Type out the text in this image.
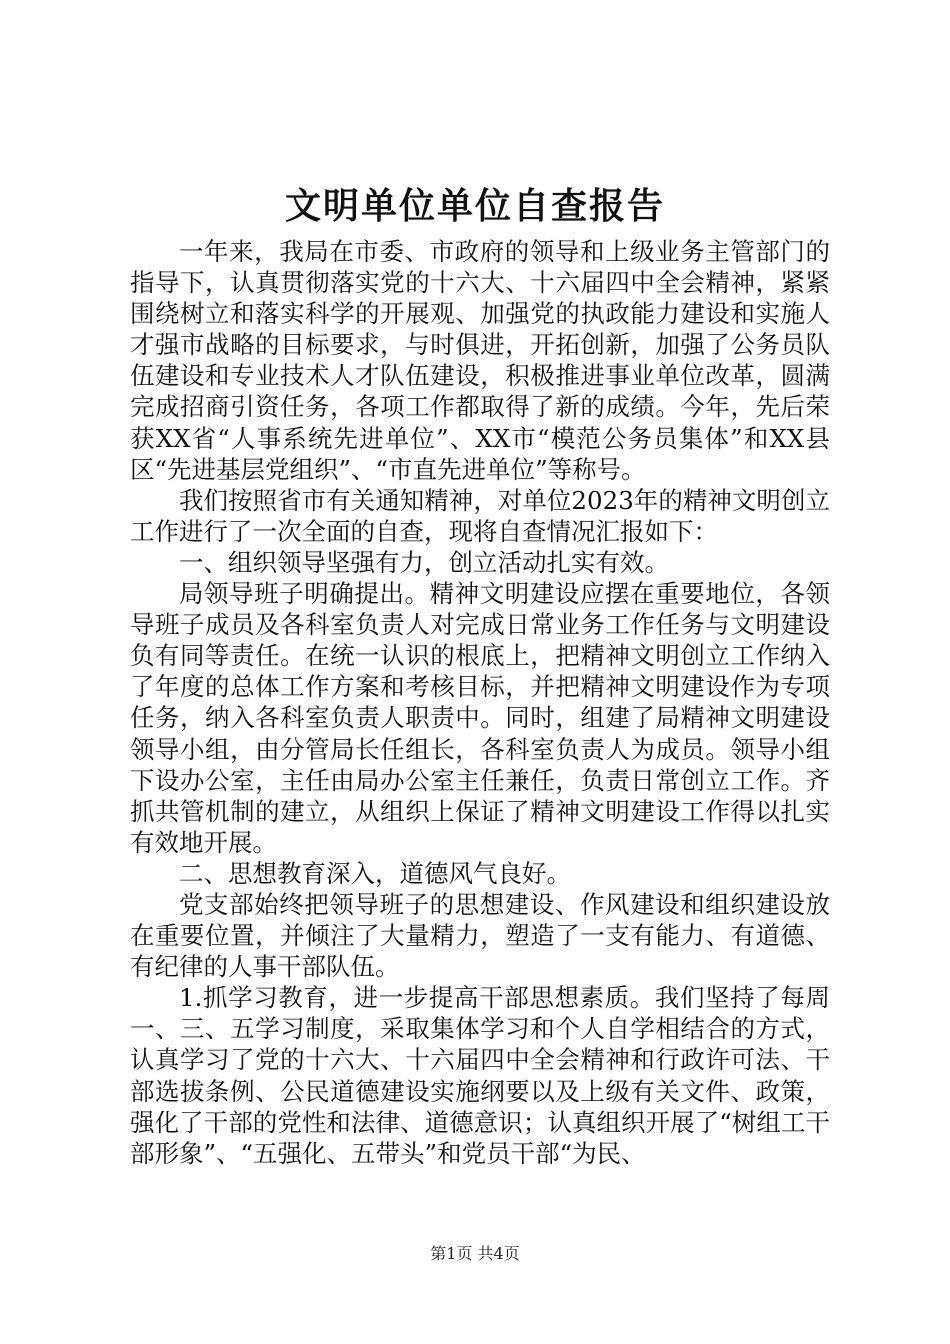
文明单位单位自查报告

一年来，我局在市委、市政府的领导和上级业务主管部门的指导下，认真贯彻落实党的十六大、十六届四中全会精神，紧紧围绕树立和落实科学的开展观、加强党的执政能力建设和实施人才强市战略的目标要求，与时俱进，开拓创新，加强了公务员队伍建设和专业技术人才队伍建设，积极推进事业单位改革，圆满完成招商引资任务，各项工作都取得了新的成绩。今年，先后荣获XX省“人事系统先进单位”、XX市“模范公务员集体”和XX县区“先进基层党组织”、“市直先进单位”等称号。

我们按照省市有关通知精神，对单位2023年的精神文明创立工作进行了一次全面的自查，现将自查情况汇报如下：

一、组织领导坚强有力，创立活动扎实有效。

局领导班子明确提出。精神文明建设应摆在重要地位，各领导班子成员及各科室负责人对完成日常业务工作任务与文明建设负有同等责任。在统一认识的根底上，把精神文明创立工作纳入了年度的总体工作方案和考核目标，并把精神文明建设作为专项任务，纳入各科室负责人职责中。同时，组建了局精神文明建设领导小组，由分管局长任组长，各科室负责人为成员。领导小组下设办公室，主任由局办公室主任兼任，负责日常创立工作。齐抓共管机制的建立，从组织上保证了精神文明建设工作得以扎实有效地开展。

二、思想教育深入，道德风气良好。

党支部始终把领导班子的思想建设、作风建设和组织建设放在重要位置，并倾注了大量精力，塑造了一支有能力、有道德、有纪律的人事干部队伍。

1.抓学习教育，进一步提高干部思想素质。我们坚持了每周一、三、五学习制度，采取集体学习和个人自学相结合的方式，认真学习了党的十六大、十六届四中全会精神和行政许可法、干部选拔条例、公民道德建设实施纲要以及上级有关文件、政策，强化了干部的党性和法律、道德意识；认真组织开展了“树组工干部形象”、“五强化、五带头”和党员干部“为民、

第1页 共4页
